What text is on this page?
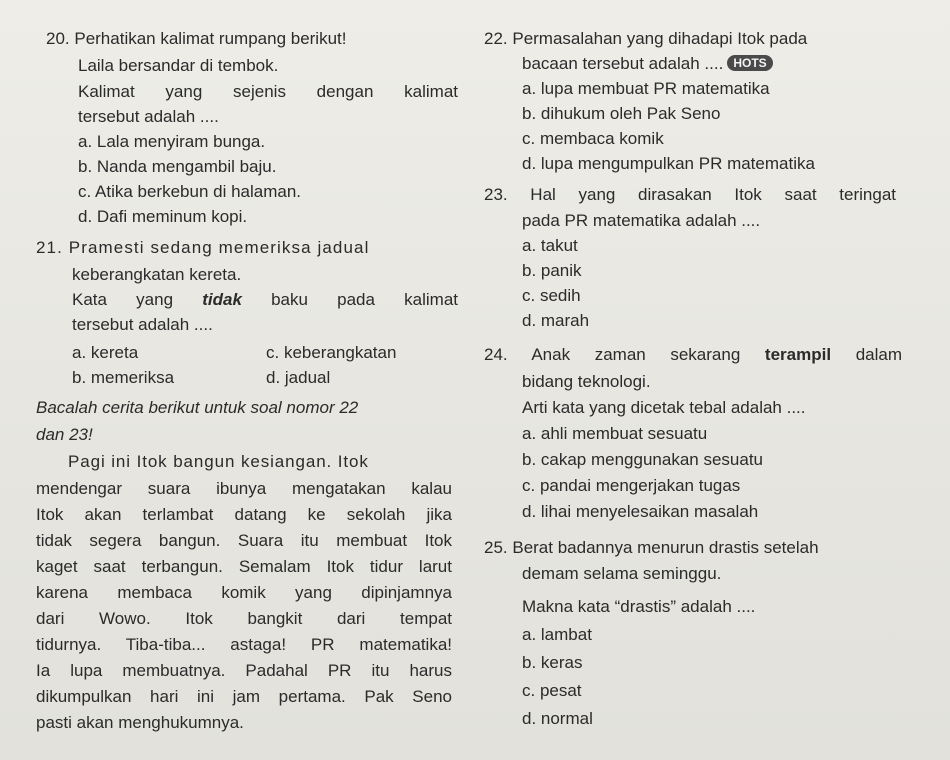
20. Perhatikan kalimat rumpang berikut!
Laila bersandar di tembok.
Kalimat yang sejenis dengan kalimat
tersebut adalah ....
a. Lala menyiram bunga.
b. Nanda mengambil baju.
c. Atika berkebun di halaman.
d. Dafi meminum kopi.
21. Pramesti sedang memeriksa jadual
keberangkatan kereta.
Kata yang tidak baku pada kalimat
tersebut adalah ....
a. kereta	c. keberangkatan
b. memeriksa	d. jadual
Bacalah cerita berikut untuk soal nomor 22
dan 23!
Pagi ini Itok bangun kesiangan. Itok
mendengar suara ibunya mengatakan kalau
Itok akan terlambat datang ke sekolah jika
tidak segera bangun. Suara itu membuat Itok
kaget saat terbangun. Semalam Itok tidur larut
karena membaca komik yang dipinjamnya
dari Wowo. Itok bangkit dari tempat
tidurnya. Tiba-tiba... astaga! PR matematika!
Ia lupa membuatnya. Padahal PR itu harus
dikumpulkan hari ini jam pertama. Pak Seno
pasti akan menghukumnya.
22. Permasalahan yang dihadapi Itok pada
bacaan tersebut adalah .... HOTS
a. lupa membuat PR matematika
b. dihukum oleh Pak Seno
c. membaca komik
d. lupa mengumpulkan PR matematika
23. Hal yang dirasakan Itok saat teringat
pada PR matematika adalah ....
a. takut
b. panik
c. sedih
d. marah
24. Anak zaman sekarang terampil dalam
bidang teknologi.
Arti kata yang dicetak tebal adalah ....
a. ahli membuat sesuatu
b. cakap menggunakan sesuatu
c. pandai mengerjakan tugas
d. lihai menyelesaikan masalah
25. Berat badannya menurun drastis setelah
demam selama seminggu.
Makna kata “drastis” adalah ....
a. lambat
b. keras
c. pesat
d. normal
